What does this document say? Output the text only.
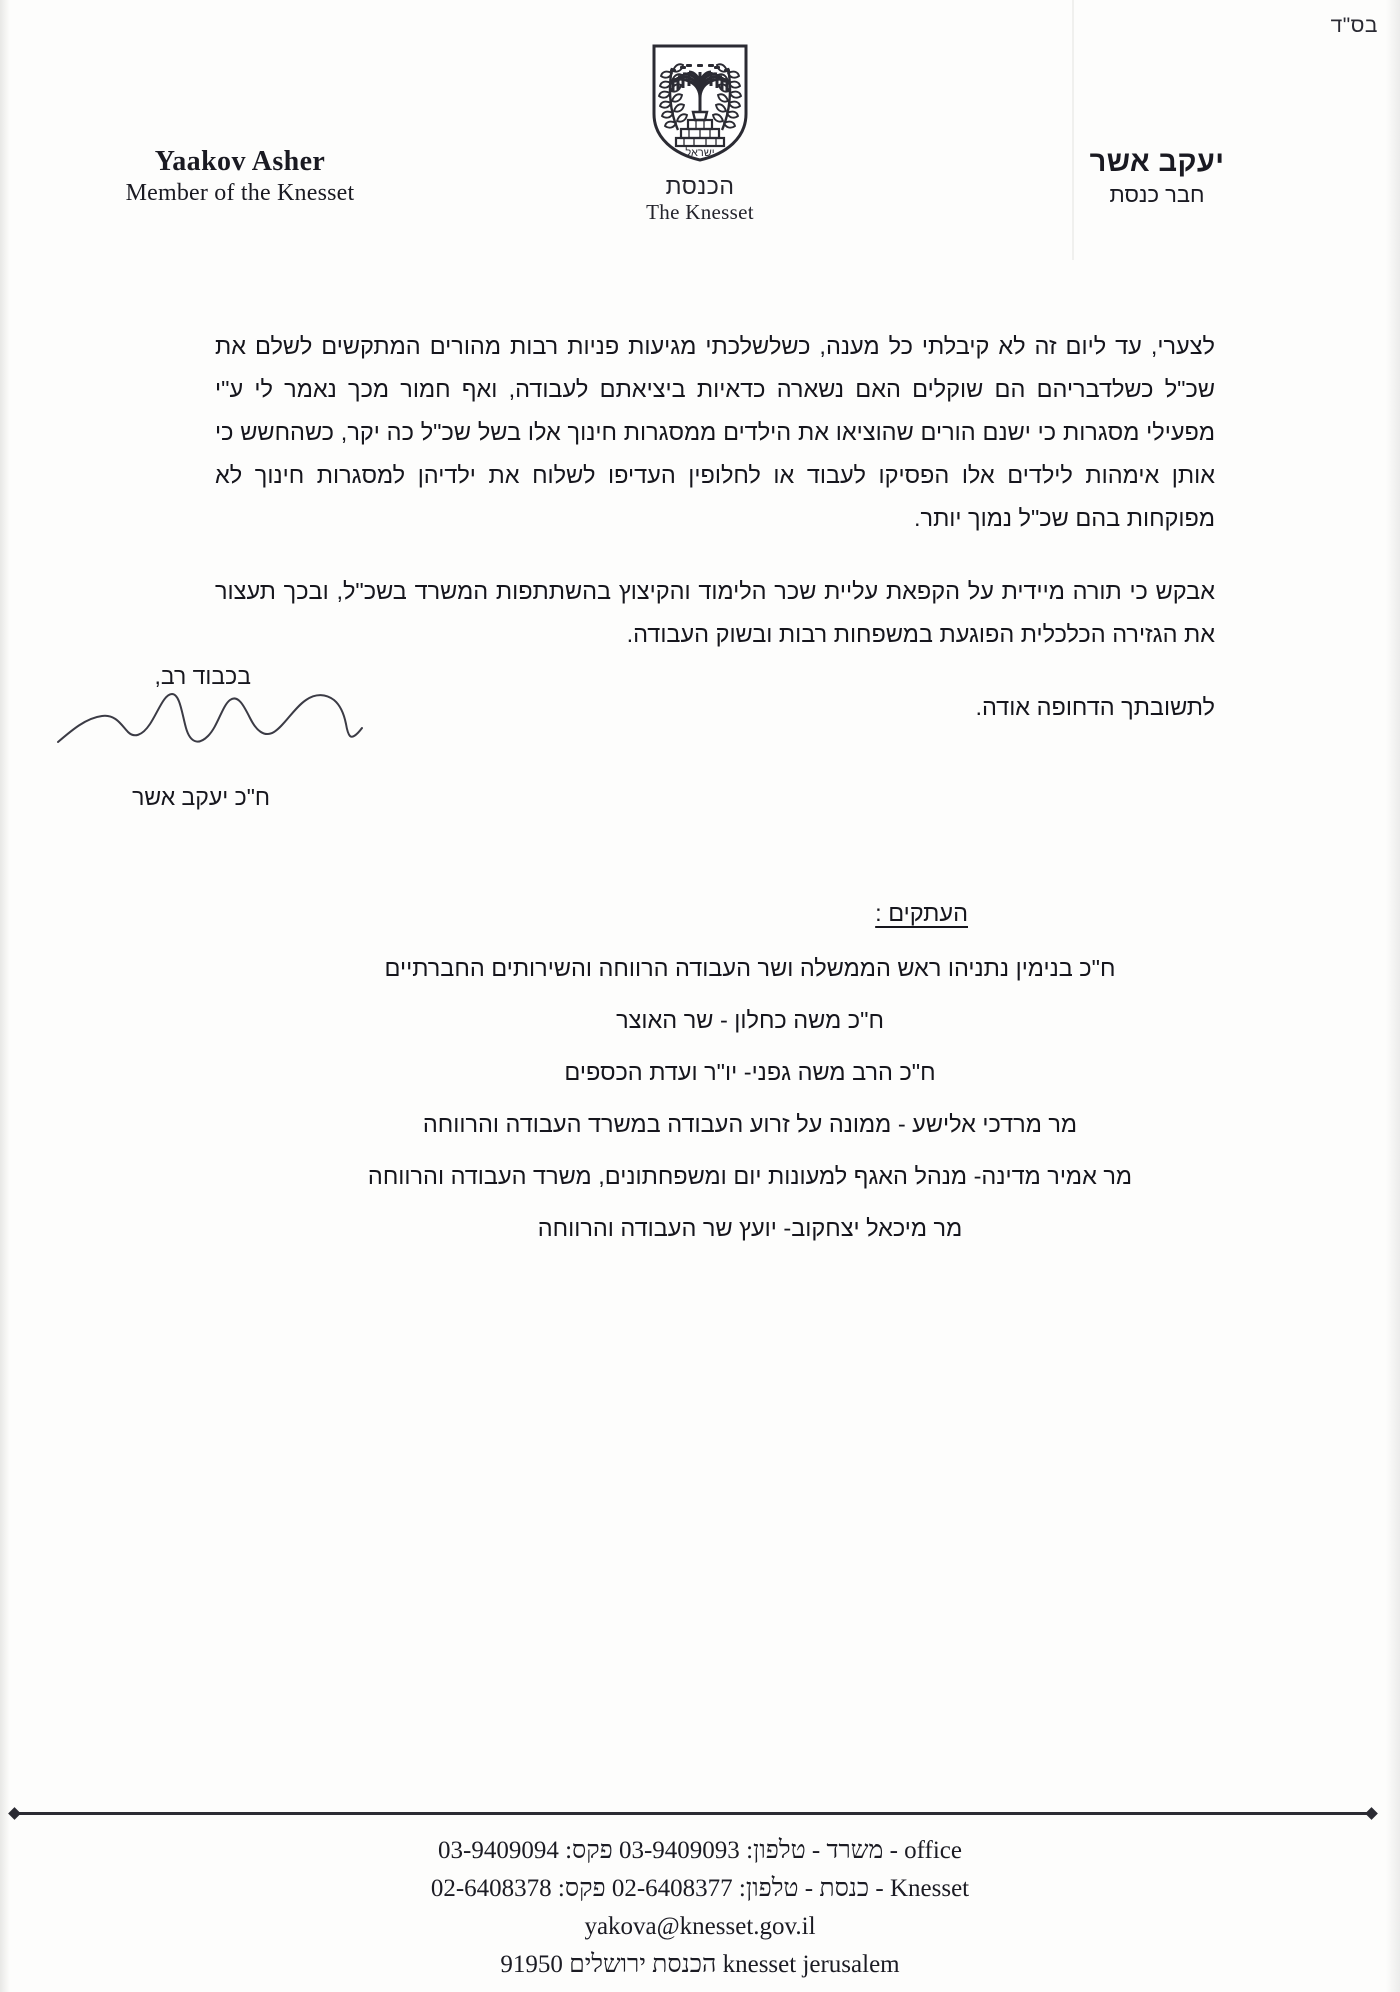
בס"ד
ישראל
הכנסת
The Knesset
Yaakov Asher
Member of the Knesset
יעקב אשר
חבר כנסת

לצערי, עד ליום זה לא קיבלתי כל מענה, כשלשלכתי מגיעות פניות רבות מהורים המתקשים לשלם את שכ"ל כשלדבריהם הם שוקלים האם נשארה כדאיות ביציאתם לעבודה, ואף חמור מכך נאמר לי ע"י מפעילי מסגרות כי ישנם הורים שהוציאו את הילדים ממסגרות חינוך אלו בשל שכ"ל כה יקר, כשהחשש כי אותן אימהות לילדים אלו הפסיקו לעבוד או לחלופין העדיפו לשלוח את ילדיהן למסגרות חינוך לא מפוקחות בהם שכ"ל נמוך יותר.

אבקש כי תורה מיידית על הקפאת עליית שכר הלימוד והקיצוץ בהשתתפות המשרד בשכ"ל, ובכך תעצור את הגזירה הכלכלית הפוגעת במשפחות רבות ובשוק העבודה.

לתשובתך הדחופה אודה.

בכבוד רב,
ח"כ יעקב אשר
העתקים :
ח"כ בנימין נתניהו ראש הממשלה ושר העבודה הרווחה והשירותים החברתיים
ח"כ משה כחלון - שר האוצר
ח"כ הרב משה גפני- יו"ר ועדת הכספים
מר מרדכי אלישע - ממונה על זרוע העבודה במשרד העבודה והרווחה
מר אמיר מדינה- מנהל האגף למעונות יום ומשפחתונים, משרד העבודה והרווחה
מר מיכאל יצחקוב- יועץ שר העבודה והרווחה
משרד - טלפון: 03-9409093 פקס: 03-9409094 - office
כנסת - טלפון: 02-6408377 פקס: 02-6408378 - Knesset
yakova@knesset.gov.il
הכנסת ירושלים 91950 knesset jerusalem
